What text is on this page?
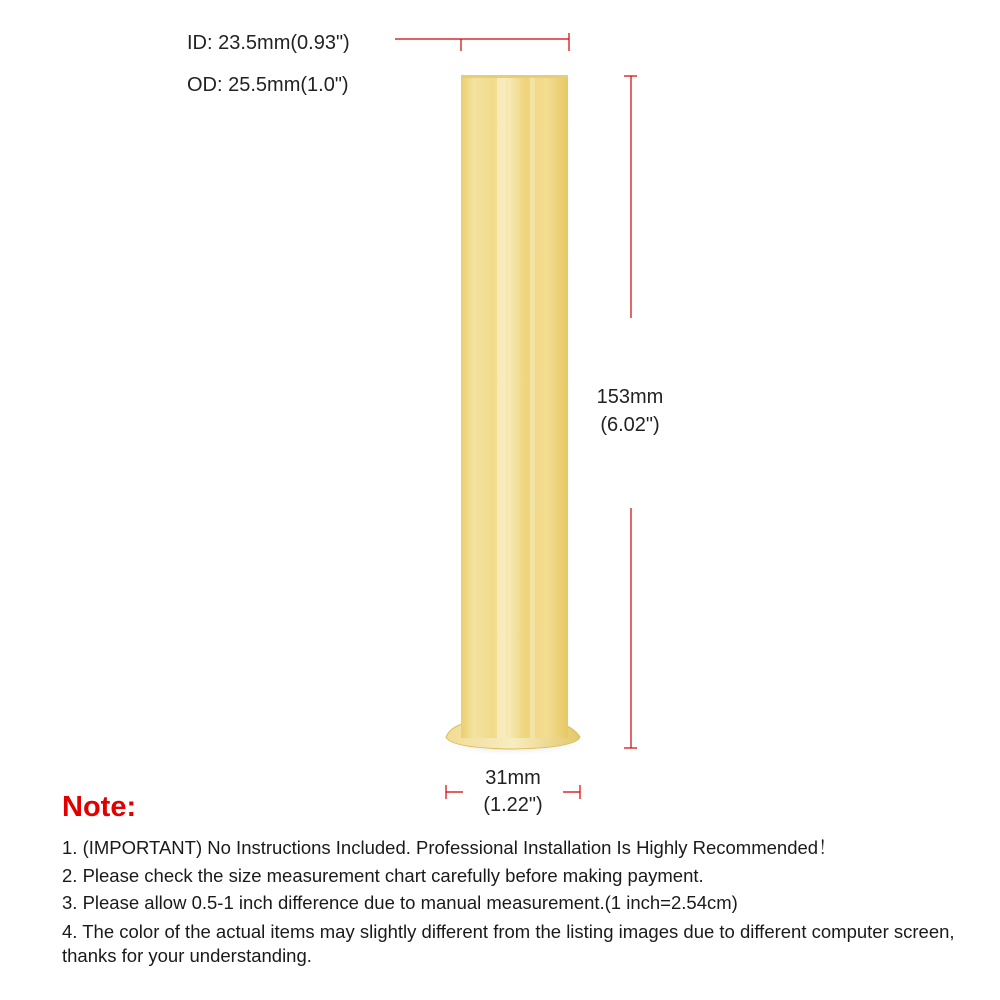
ID: 23.5mm(0.93")
OD: 25.5mm(1.0")
153mm
(6.02")
31mm
(1.22")
Note:
1. (IMPORTANT) No Instructions Included. Professional Installation Is Highly Recommended！
2. Please check the size measurement chart carefully before making payment.
3. Please allow 0.5-1 inch difference due to manual measurement.(1 inch=2.54cm)
4. The color of the actual items may slightly different from the listing images due to different computer screen, thanks for your understanding.
